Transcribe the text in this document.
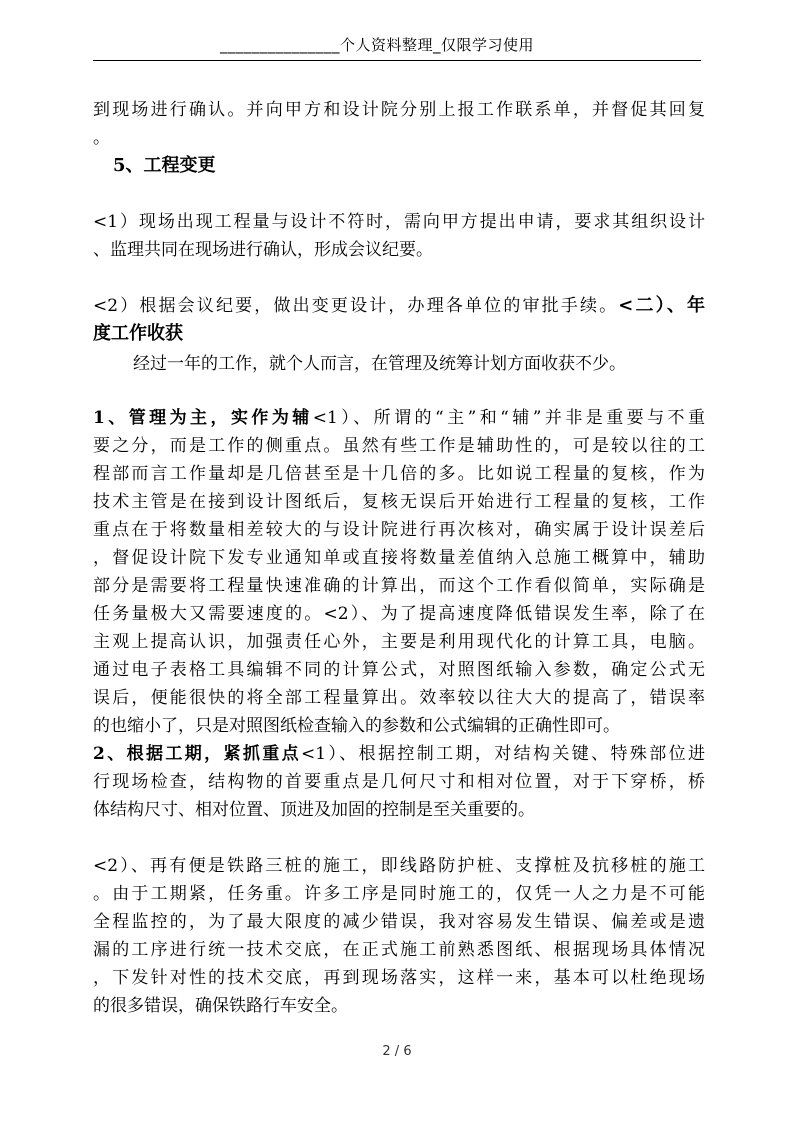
_______________个人资料整理_仅限学习使用
到现场进行确认。并向甲方和设计院分别上报工作联系单，并督促其回复
。
5、工程变更
<1）现场出现工程量与设计不符时，需向甲方提出申请，要求其组织设计
、监理共同在现场进行确认，形成会议纪要。
<2）根据会议纪要，做出变更设计，办理各单位的审批手续。<二）、年
度工作收获
经过一年的工作，就个人而言，在管理及统筹计划方面收获不少。
1、管理为主，实作为辅<1）、所谓的“主”和“辅”并非是重要与不重
要之分，而是工作的侧重点。虽然有些工作是辅助性的，可是较以往的工
程部而言工作量却是几倍甚至是十几倍的多。比如说工程量的复核，作为
技术主管是在接到设计图纸后，复核无误后开始进行工程量的复核，工作
重点在于将数量相差较大的与设计院进行再次核对，确实属于设计误差后
，督促设计院下发专业通知单或直接将数量差值纳入总施工概算中，辅助
部分是需要将工程量快速准确的计算出，而这个工作看似简单，实际确是
任务量极大又需要速度的。<2）、为了提高速度降低错误发生率，除了在
主观上提高认识，加强责任心外，主要是利用现代化的计算工具，电脑。
通过电子表格工具编辑不同的计算公式，对照图纸输入参数，确定公式无
误后，便能很快的将全部工程量算出。效率较以往大大的提高了，错误率
的也缩小了，只是对照图纸检查输入的参数和公式编辑的正确性即可。
2、根据工期，紧抓重点<1）、根据控制工期，对结构关键、特殊部位进
行现场检查，结构物的首要重点是几何尺寸和相对位置，对于下穿桥，桥
体结构尺寸、相对位置、顶进及加固的控制是至关重要的。
<2）、再有便是铁路三桩的施工，即线路防护桩、支撑桩及抗移桩的施工
。由于工期紧，任务重。许多工序是同时施工的，仅凭一人之力是不可能
全程监控的，为了最大限度的减少错误，我对容易发生错误、偏差或是遗
漏的工序进行统一技术交底，在正式施工前熟悉图纸、根据现场具体情况
，下发针对性的技术交底，再到现场落实，这样一来，基本可以杜绝现场
的很多错误，确保铁路行车安全。
2 / 6
